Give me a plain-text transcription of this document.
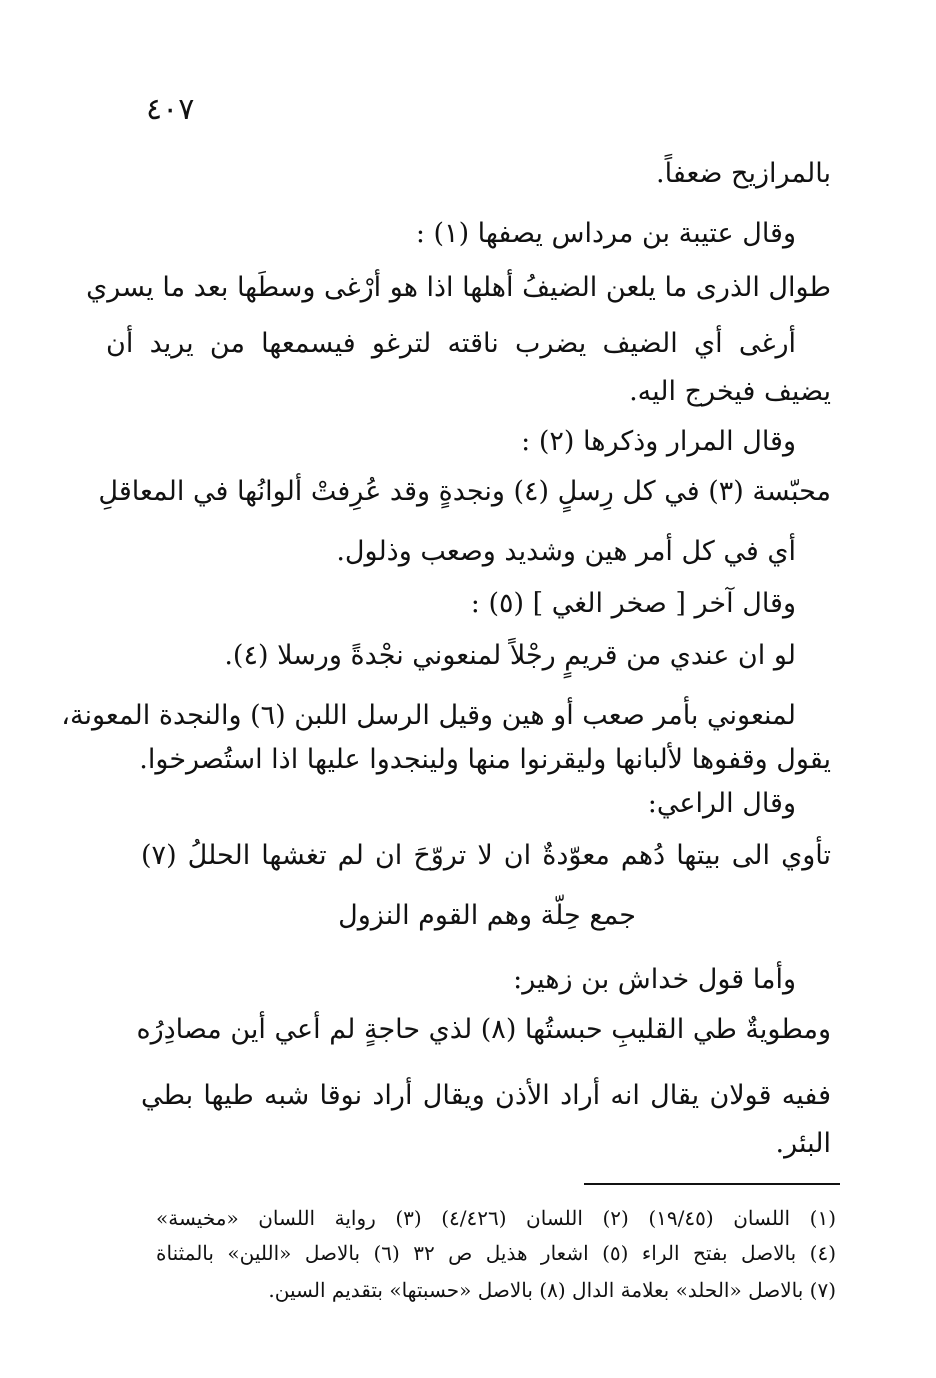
٤٠٧
بالمرازيح ضعفاً.
وقال عتيبة بن مرداس يصفها (١) :
طوال الذرى ما يلعن الضيفُ أهلها اذا هو أرْغى وسطَها بعد ما يسري
أرغى أي الضيف يضرب ناقته لترغو فيسمعها من يريد أن
يضيف فيخرج اليه.
وقال المرار وذكرها (٢) :
محبّسة (٣) في كل رِسلٍ (٤) ونجدةٍ وقد عُرِفتْ ألوانُها في المعاقلِ
أي في كل أمر هين وشديد وصعب وذلول.
وقال آخر [ صخر الغي ] (٥) :
لو ان عندي من قريمٍ رجْلاً لمنعوني نجْدةً ورسلا (٤).
لمنعوني بأمر صعب أو هين وقيل الرسل اللبن (٦) والنجدة المعونة،
يقول وقفوها لألبانها وليقرنوا منها ولينجدوا عليها اذا استُصرخوا.
وقال الراعي:
تأوي الى بيتها دُهم معوّدةٌ ان لا تروّحَ ان لم تغشها الحللُ (٧)
جمع حِلّة وهم القوم النزول
وأما قول خداش بن زهير:
ومطويةٌ طي القليبِ حبستُها (٨) لذي حاجةٍ لم أعي أين مصادِرُه
ففيه قولان يقال انه أراد الأذن ويقال أراد نوقا شبه طيها بطي
البئر.
(١) اللسان (١٩/٤٥) (٢) اللسان (٤/٤٢٦) (٣) رواية اللسان «مخيسة»
(٤) بالاصل بفتح الراء (٥) اشعار هذيل ص ٣٢ (٦) بالاصل «اللين» بالمثناة
(٧) بالاصل «الحلد» بعلامة الدال (٨) بالاصل «حسبتها» بتقديم السين.
